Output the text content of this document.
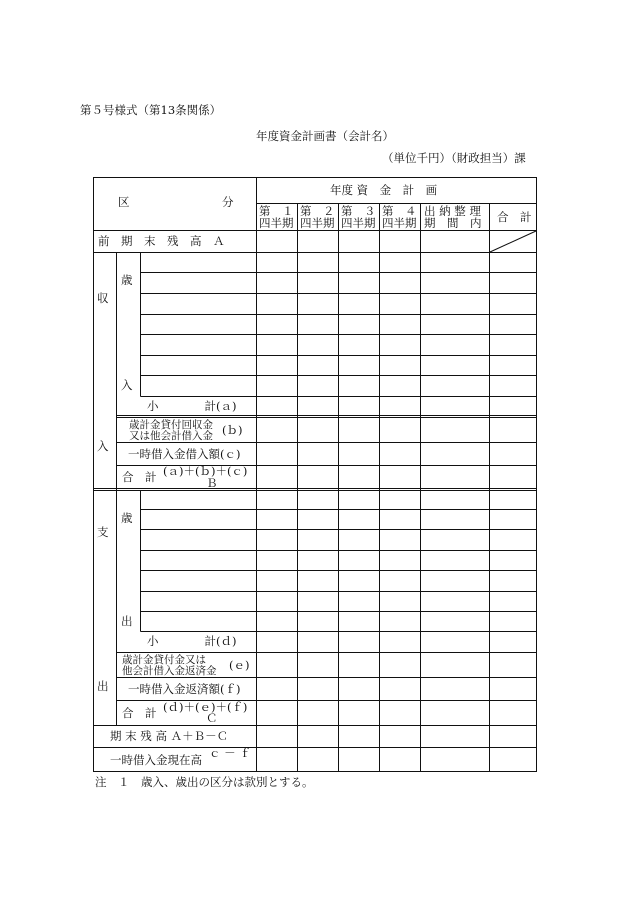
第５号様式（第13条関係）
年度資金計画書（会計名）
（単位千円）（財政担当）課
区	分
年度 資　金　計　画
第　１
四半期
第　２
四半期
第　３
四半期
第　４
四半期
出 納 整 理
期　間　内 合　計
前　期　末　残　高　Ａ
収
入
歳
入
小　　　　計(ａ)
歳計金貸付回収金
又は他会計借入金 (ｂ)
一時借入金借入額(ｃ)
合　計 (ａ)＋(ｂ)＋(ｃ)
Ｂ
支
出
歳
出
小　　　　計(ｄ)
歳計金貸付金又は
他会計借入金返済金 (ｅ)
一時借入金返済額(ｆ)
合　計 (ｄ)＋(ｅ)＋(ｆ)
Ｃ
期 末 残 高 Ａ＋Ｂ－Ｃ
一時借入金現在高 ｃ － ｆ
注　１　歳入、歳出の区分は款別とする。
